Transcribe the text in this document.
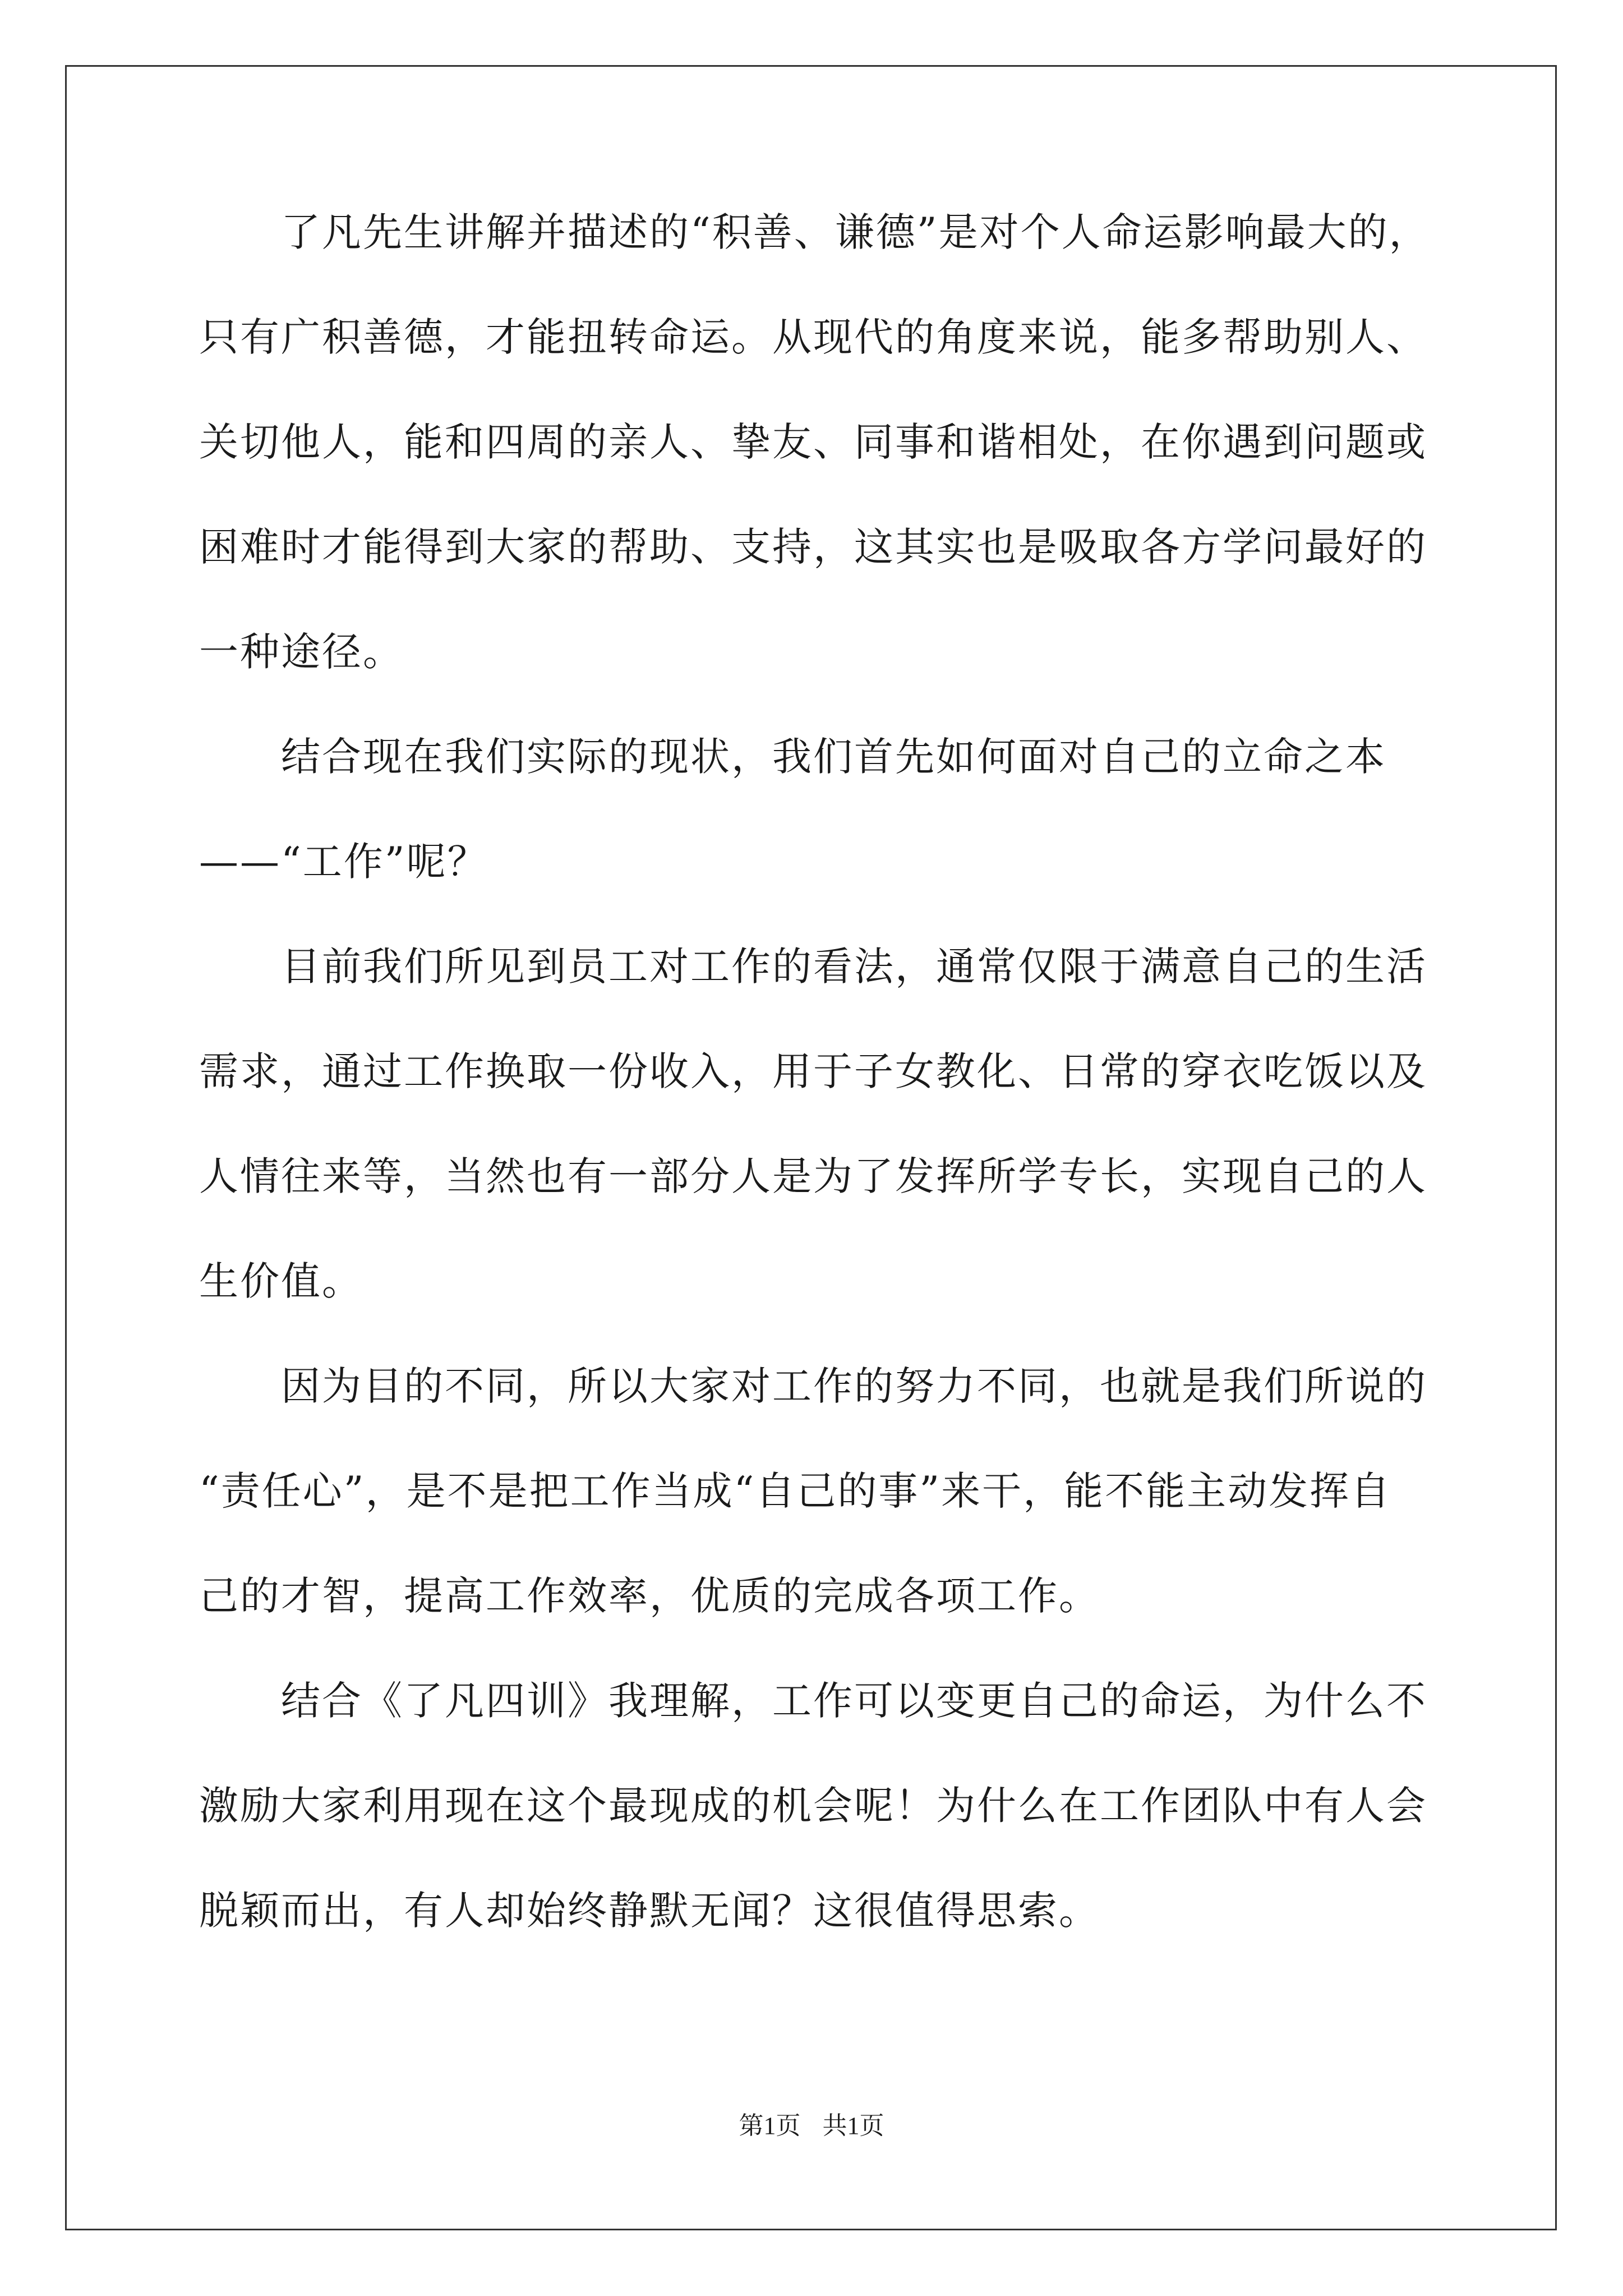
　　了凡先生讲解并描述的“积善、谦德”是对个人命运影响最大的，
只有广积善德，才能扭转命运。从现代的角度来说，能多帮助别人、
关切他人，能和四周的亲人、挚友、同事和谐相处，在你遇到问题或
困难时才能得到大家的帮助、支持，这其实也是吸取各方学问最好的
一种途径。
　　结合现在我们实际的现状，我们首先如何面对自己的立命之本
——“工作”呢？
　　目前我们所见到员工对工作的看法，通常仅限于满意自己的生活
需求，通过工作换取一份收入，用于子女教化、日常的穿衣吃饭以及
人情往来等，当然也有一部分人是为了发挥所学专长，实现自己的人
生价值。
　　因为目的不同，所以大家对工作的努力不同，也就是我们所说的
“责任心”，是不是把工作当成“自己的事”来干，能不能主动发挥自
己的才智，提高工作效率，优质的完成各项工作。
　　结合《了凡四训》我理解，工作可以变更自己的命运，为什么不
激励大家利用现在这个最现成的机会呢！为什么在工作团队中有人会
脱颖而出，有人却始终静默无闻？这很值得思索。
第1页 共1页
